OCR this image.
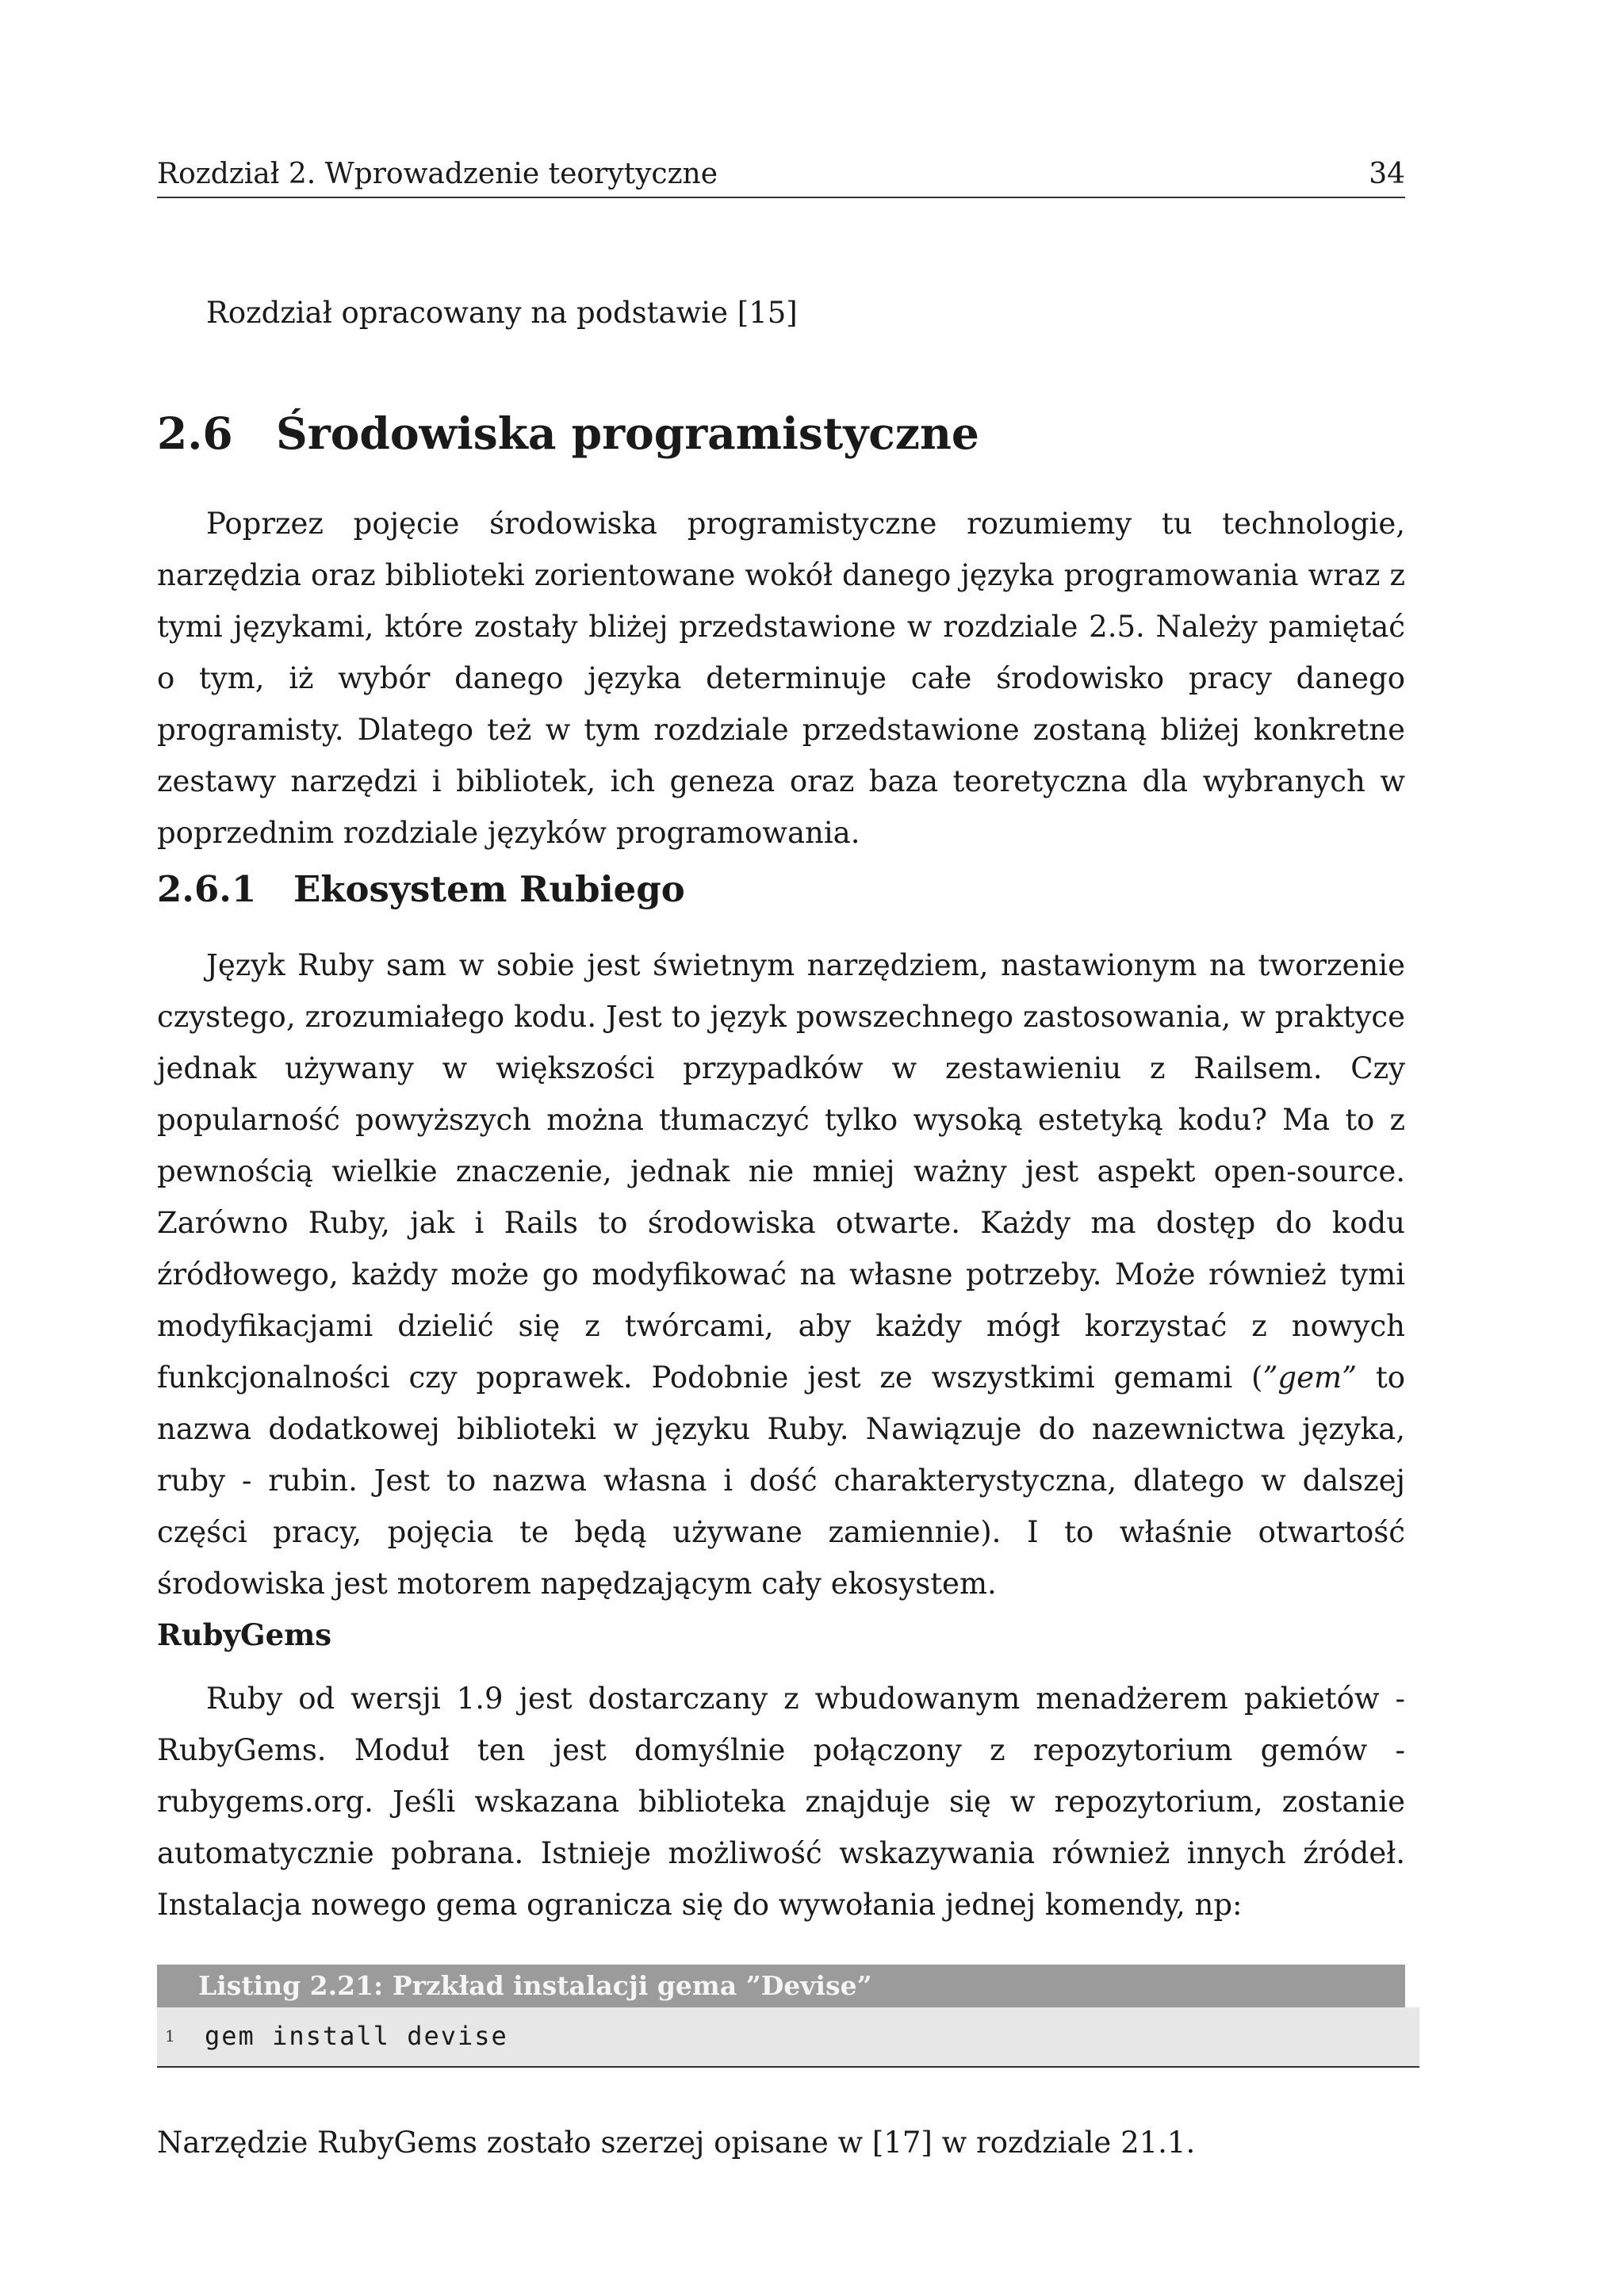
Rozdział 2. Wprowadzenie teorytyczne	34

Rozdział opracowany na podstawie [15]

2.6 Środowiska programistyczne

Poprzez pojęcie środowiska programistyczne rozumiemy tu technologie, narzędzia oraz biblioteki zorientowane wokół danego języka programowania wraz z tymi językami, które zostały bliżej przedstawione w rozdziale 2.5. Należy pamiętać o tym, iż wybór danego języka determinuje całe środowisko pracy danego programisty. Dlatego też w tym rozdziale przedstawione zostaną bliżej konkretne zestawy narzędzi i bibliotek, ich geneza oraz baza teoretyczna dla wybranych w poprzednim rozdziale języków programowania.

2.6.1 Ekosystem Rubiego

Język Ruby sam w sobie jest świetnym narzędziem, nastawionym na tworzenie czystego, zrozumiałego kodu. Jest to język powszechnego zastosowania, w praktyce jednak używany w większości przypadków w zestawieniu z Railsem. Czy popularność powyższych można tłumaczyć tylko wysoką estetyką kodu? Ma to z pewnością wielkie znaczenie, jednak nie mniej ważny jest aspekt open-source. Zarówno Ruby, jak i Rails to środowiska otwarte. Każdy ma dostęp do kodu źródłowego, każdy może go modyfikować na własne potrzeby. Może również tymi modyfikacjami dzielić się z twórcami, aby każdy mógł korzystać z nowych funkcjonalności czy poprawek. Podobnie jest ze wszystkimi gemami (”gem” to nazwa dodatkowej biblioteki w języku Ruby. Nawiązuje do nazewnictwa języka, ruby - rubin. Jest to nazwa własna i dość charakterystyczna, dlatego w dalszej części pracy, pojęcia te będą używane zamiennie). I to właśnie otwartość środowiska jest motorem napędzającym cały ekosystem.

RubyGems

Ruby od wersji 1.9 jest dostarczany z wbudowanym menadżerem pakietów - RubyGems. Moduł ten jest domyślnie połączony z repozytorium gemów - rubygems.org. Jeśli wskazana biblioteka znajduje się w repozytorium, zostanie automatycznie pobrana. Istnieje możliwość wskazywania również innych źródeł. Instalacja nowego gema ogranicza się do wywołania jednej komendy, np:

Listing 2.21: Przkład instalacji gema ”Devise”
1 gem install devise

Narzędzie RubyGems zostało szerzej opisane w [17] w rozdziale 21.1.
